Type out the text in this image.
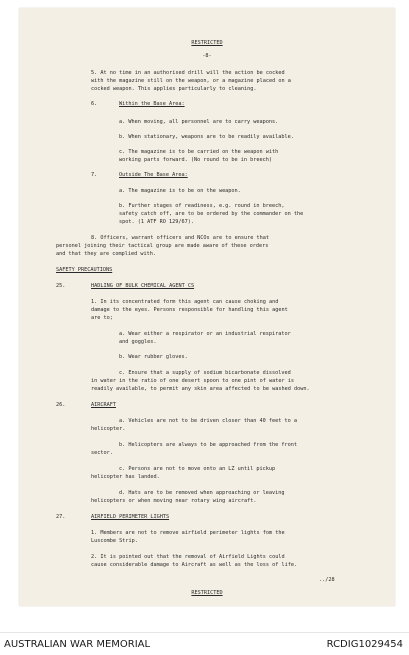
RESTRICTED

-8-

5. At no time in an authorised drill will the action be cocked

with the magazine still on the weapon, or a magazine placed on a

cocked weapon. This applies particularly to cleaning.

6.	Within the Base Area:

a. When moving, all personnel are to carry weapons.

b. When stationary, weapons are to be readily available.

c. The magazine is to be carried on the weapon with

working parts forward. (No round to be in breech)

7.	Outside The Base Area:

a. The magazine is to be on the weapon.

b. Further stages of readiness, e.g. round in breech,

safety catch off, are to be ordered by the commander on the

spot. (1 ATF RO 129/67).

8. Officers, warrant officers and NCOs are to ensure that

personel joining their tactical group are made aware of these orders

and that they are complied with.

SAFETY PRECAUTIONS

25.	HADLING OF BULK CHEMICAL AGENT CS

1. In its concentrated form this agent can cause choking and

damage to the eyes. Persons responsible for handling this agent

are to;

a. Wear either a respirator or an industrial respirator

and goggles.

b. Wear rubber gloves.

c. Ensure that a supply of sodium bicarbonate dissolved

in water in the ratio of one desert spoon to one pint of water is

readily available, to permit any skin area affected to be washed down.

26.	AIRCRAFT

a. Vehicles are not to be driven closer than 40 feet to a

helicopter.

b. Helicopters are always to be approached from the front

sector.

c. Persons are not to move onto an LZ until pickup

helicopter has landed.

d. Hats are to be removed when approaching or leaving

helicopters or when moving near rotary wing aircraft.

27.	AIRFIELD PERIMETER LIGHTS

1. Members are not to remove airfield perimeter lights fom the

Luscombe Strip.

2. It is pointed out that the removal of Airfield Lights could

cause considerable damage to Aircraft as well as the loss of life.

../28

RESTRICTED

AUSTRALIAN WAR MEMORIAL	RCDIG1029454
